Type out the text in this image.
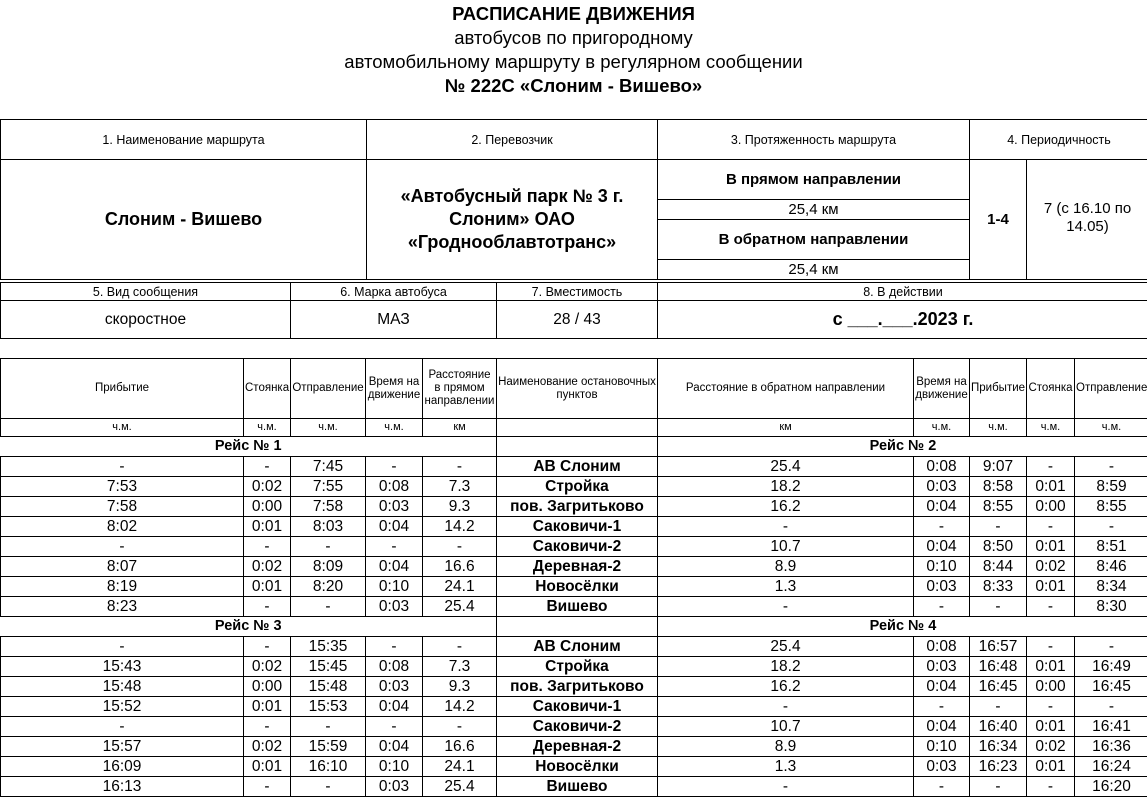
РАСПИСАНИЕ ДВИЖЕНИЯ
автобусов по пригородному
автомобильному маршруту в регулярном сообщении
№ 222С «Слоним - Вишево»
1. Наименование маршрута	2. Перевозчик	3. Протяженность маршрута	4. Периодичность	
Слоним - Вишево	«Автобусный парк № 3 г. Слоним» ОАО «Гроднооблавтотранс»	В прямом направлении	1-4	7 (с 16.10 по 14.05)
		25,4 км		
		В обратном направлении		
		25,4 км		
5. Вид сообщения	6. Марка автобуса	7. Вместимость	8. В действии
скоростное	МАЗ	28 / 43	с ___.___.2023 г.
Прибытие	Стоянка	Отправление	Время на движение	Расстояние в прямом направлении	Наименование остановочных пунктов	Расстояние в обратном направлении	Время на движение	Прибытие	Стоянка	Отправление
ч.м.	ч.м.	ч.м.	ч.м.	км		км	ч.м.	ч.м.	ч.м.	ч.м.
Рейс № 1						Рейс № 2				
-	-	7:45	-	-	АВ Слоним	25.4	0:08	9:07	-	-
7:53	0:02	7:55	0:08	7.3	Стройка	18.2	0:03	8:58	0:01	8:59
7:58	0:00	7:58	0:03	9.3	пов. Загритьково	16.2	0:04	8:55	0:00	8:55
8:02	0:01	8:03	0:04	14.2	Саковичи-1	-	-	-	-	-
-	-	-	-	-	Саковичи-2	10.7	0:04	8:50	0:01	8:51
8:07	0:02	8:09	0:04	16.6	Деревная-2	8.9	0:10	8:44	0:02	8:46
8:19	0:01	8:20	0:10	24.1	Новосёлки	1.3	0:03	8:33	0:01	8:34
8:23	-	-	0:03	25.4	Вишево	-	-	-	-	8:30
Рейс № 3						Рейс № 4				
-	-	15:35	-	-	АВ Слоним	25.4	0:08	16:57	-	-
15:43	0:02	15:45	0:08	7.3	Стройка	18.2	0:03	16:48	0:01	16:49
15:48	0:00	15:48	0:03	9.3	пов. Загритьково	16.2	0:04	16:45	0:00	16:45
15:52	0:01	15:53	0:04	14.2	Саковичи-1	-	-	-	-	-
-	-	-	-	-	Саковичи-2	10.7	0:04	16:40	0:01	16:41
15:57	0:02	15:59	0:04	16.6	Деревная-2	8.9	0:10	16:34	0:02	16:36
16:09	0:01	16:10	0:10	24.1	Новосёлки	1.3	0:03	16:23	0:01	16:24
16:13	-	-	0:03	25.4	Вишево	-	-	-	-	16:20
